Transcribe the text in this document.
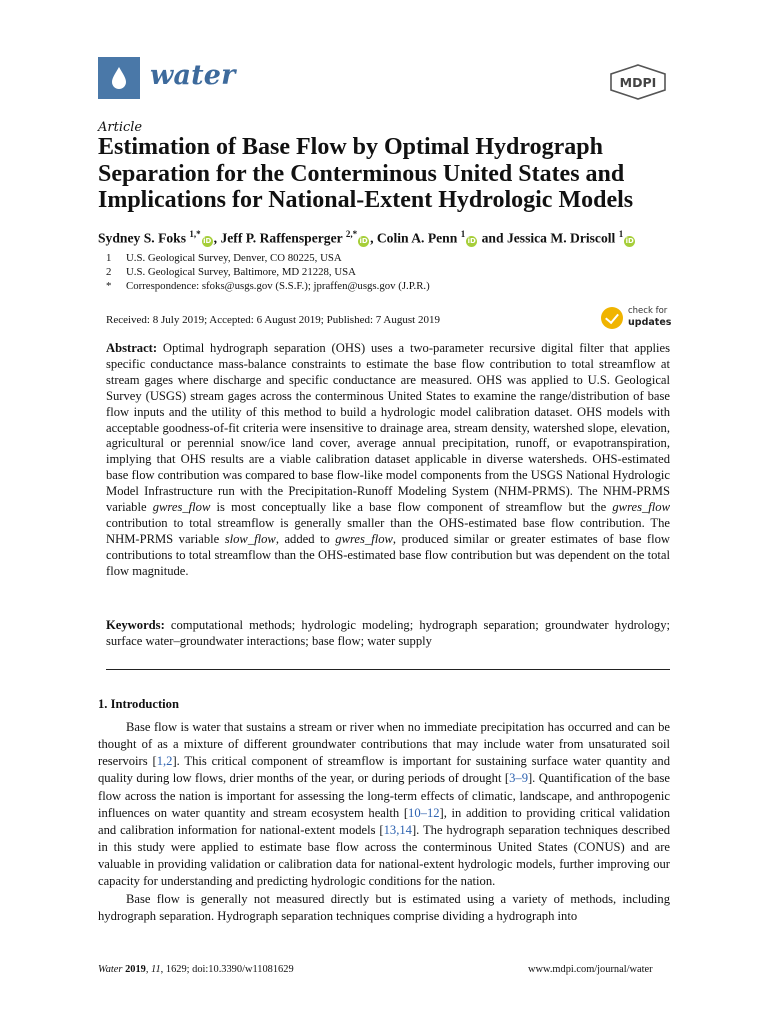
water	MDPI
Article
Estimation of Base Flow by Optimal Hydrograph Separation for the Conterminous United States and Implications for National-Extent Hydrologic Models
Sydney S. Foks $^{1,*}$iD , Jeff P. Raffensperger $^{2,*}$iD , Colin A. Penn $^1$iD and Jessica M. Driscoll $^1$iD
1 U.S. Geological Survey, Denver, CO 80225, USA
2 U.S. Geological Survey, Baltimore, MD 21228, USA
* Correspondence: sfoks@usgs.gov (S.S.F.); jpraffen@usgs.gov (J.P.R.)
Received: 8 July 2019; Accepted: 6 August 2019; Published: 7 August 2019
check for
updates
Abstract: Optimal hydrograph separation (OHS) uses a two-parameter recursive digital filter that applies specific conductance mass-balance constraints to estimate the base flow contribution to total streamflow at stream gages where discharge and specific conductance are measured. OHS was applied to U.S. Geological Survey (USGS) stream gages across the conterminous United States to examine the range/distribution of base flow inputs and the utility of this method to build a hydrologic model calibration dataset. OHS models with acceptable goodness-of-fit criteria were insensitive to drainage area, stream density, watershed slope, elevation, agricultural or perennial snow/ice land cover, average annual precipitation, runoff, or evapotranspiration, implying that OHS results are a viable calibration dataset applicable in diverse watersheds. OHS-estimated base flow contribution was compared to base flow-like model components from the USGS National Hydrologic Model Infrastructure run with the Precipitation-Runoff Modeling System (NHM-PRMS). The NHM-PRMS variable gwres_flow is most conceptually like a base flow component of streamflow but the gwres_flow contribution to total streamflow is generally smaller than the OHS-estimated base flow contribution. The NHM-PRMS variable slow_flow, added to gwres_flow, produced similar or greater estimates of base flow contributions to total streamflow than the OHS-estimated base flow contribution but was dependent on the total flow magnitude.
Keywords: computational methods; hydrologic modeling; hydrograph separation; groundwater hydrology; surface water–groundwater interactions; base flow; water supply
1. Introduction

Base flow is water that sustains a stream or river when no immediate precipitation has occurred and can be thought of as a mixture of different groundwater contributions that may include water from unsaturated soil reservoirs [1,2]. This critical component of streamflow is important for sustaining surface water quantity and quality during low flows, drier months of the year, or during periods of drought [3–9]. Quantification of the base flow across the nation is important for assessing the long-term effects of climatic, landscape, and anthropogenic influences on water quantity and stream ecosystem health [10–12], in addition to providing critical validation and calibration information for national-extent models [13,14]. The hydrograph separation techniques described in this study were applied to estimate base flow across the conterminous United States (CONUS) and are valuable in providing validation or calibration data for national-extent hydrologic models, further improving our capacity for understanding and predicting hydrologic conditions for the nation.

Base flow is generally not measured directly but is estimated using a variety of methods, including hydrograph separation. Hydrograph separation techniques comprise dividing a hydrograph into

Water 2019, 11, 1629; doi:10.3390/w11081629	www.mdpi.com/journal/water
